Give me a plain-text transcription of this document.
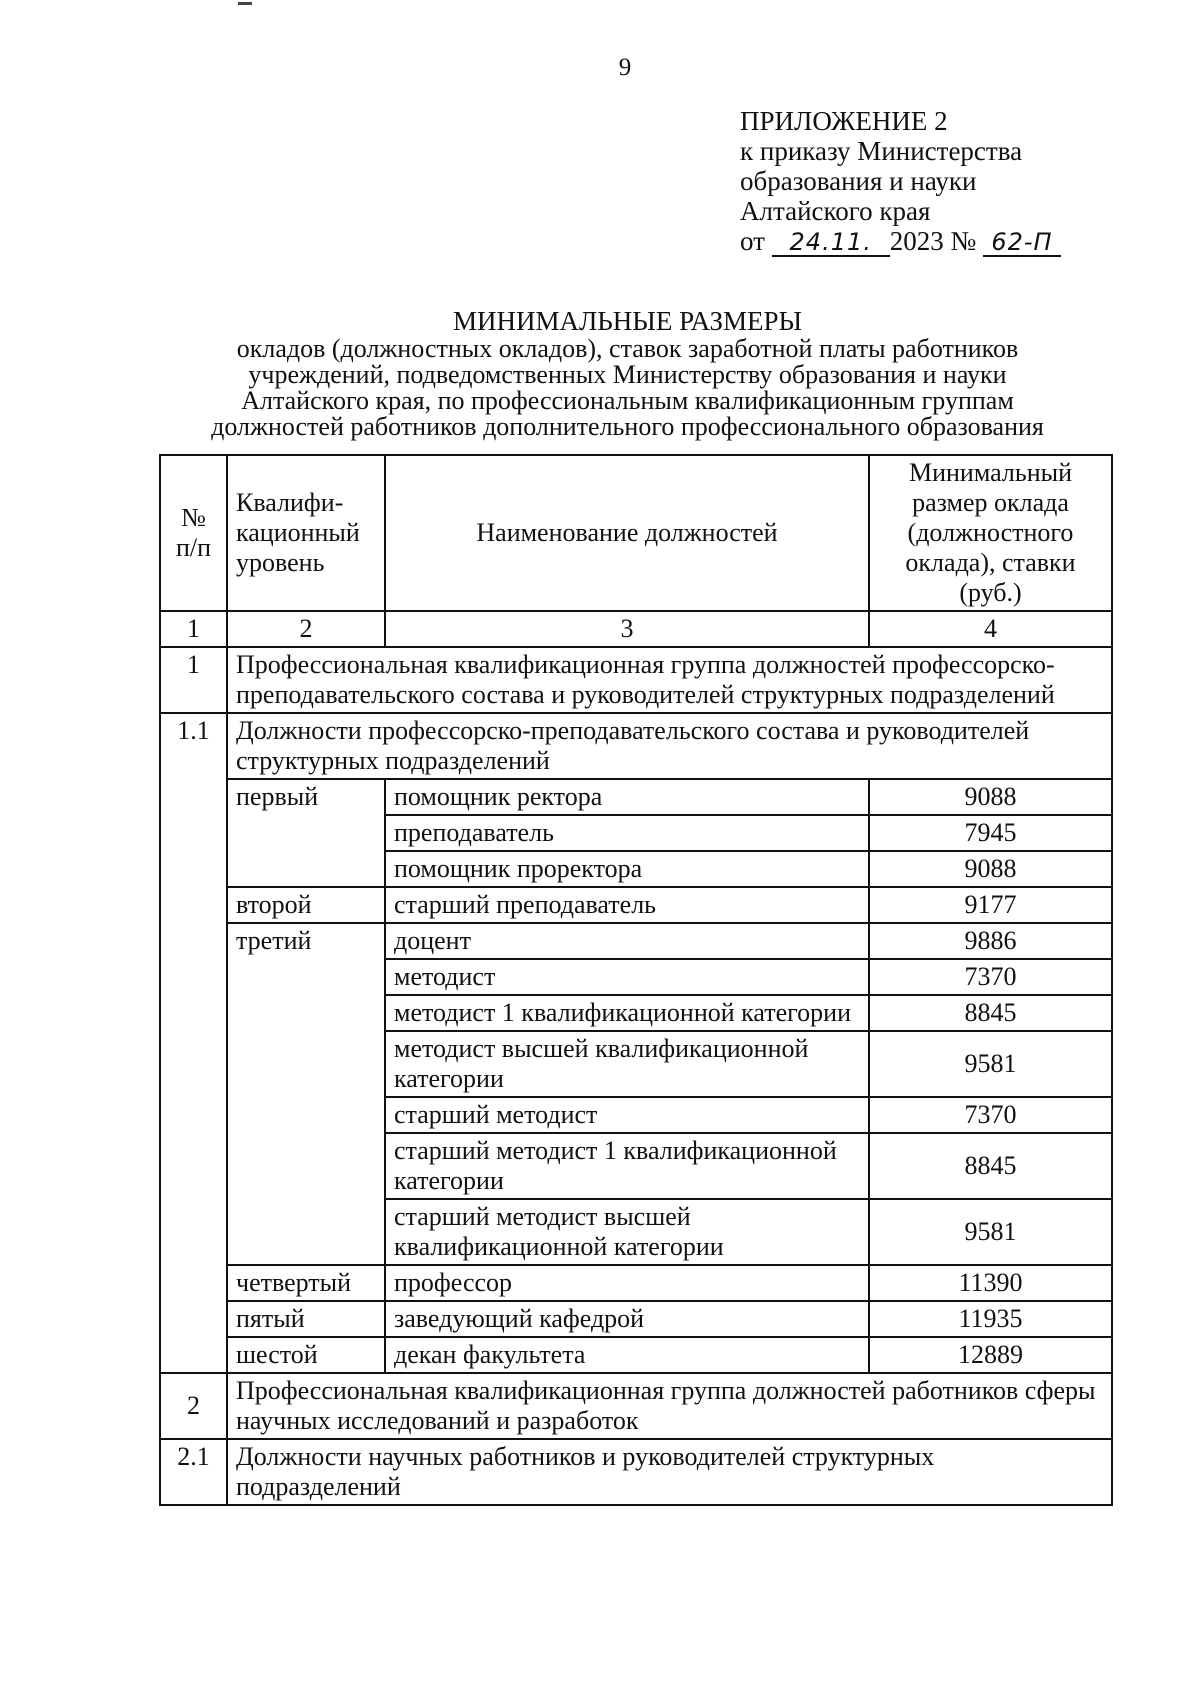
9
ПРИЛОЖЕНИЕ 2
к приказу Министерства
образования и науки
Алтайского края
от 24.11. 2023 № 62-П
МИНИМАЛЬНЫЕ РАЗМЕРЫ
окладов (должностных окладов), ставок заработной платы работников
учреждений, подведомственных Министерству образования и науки
Алтайского края, по профессиональным квалификационным группам
должностей работников дополнительного профессионального образования
№ п/п	Квалифи-кационный уровень	Наименование должностей	Минимальный размер оклада (должностного оклада), ставки (руб.)
1	2	3	4
1	Профессиональная квалификационная группа должностей профессорско-преподавательского состава и руководителей структурных подразделений		
1.1	Должности профессорско-преподавательского состава и руководителей структурных подразделений		
	первый	помощник ректора	9088
		преподаватель	7945
		помощник проректора	9088
	второй	старший преподаватель	9177
	третий	доцент	9886
		методист	7370
		методист 1 квалификационной категории	8845
		методист высшей квалификационной категории	9581
		старший методист	7370
		старший методист 1 квалификационной категории	8845
		старший методист высшей квалификационной категории	9581
	четвертый	профессор	11390
	пятый	заведующий кафедрой	11935
	шестой	декан факультета	12889
2	Профессиональная квалификационная группа должностей работников сферы научных исследований и разработок		
2.1	Должности научных работников и руководителей структурных подразделений		
